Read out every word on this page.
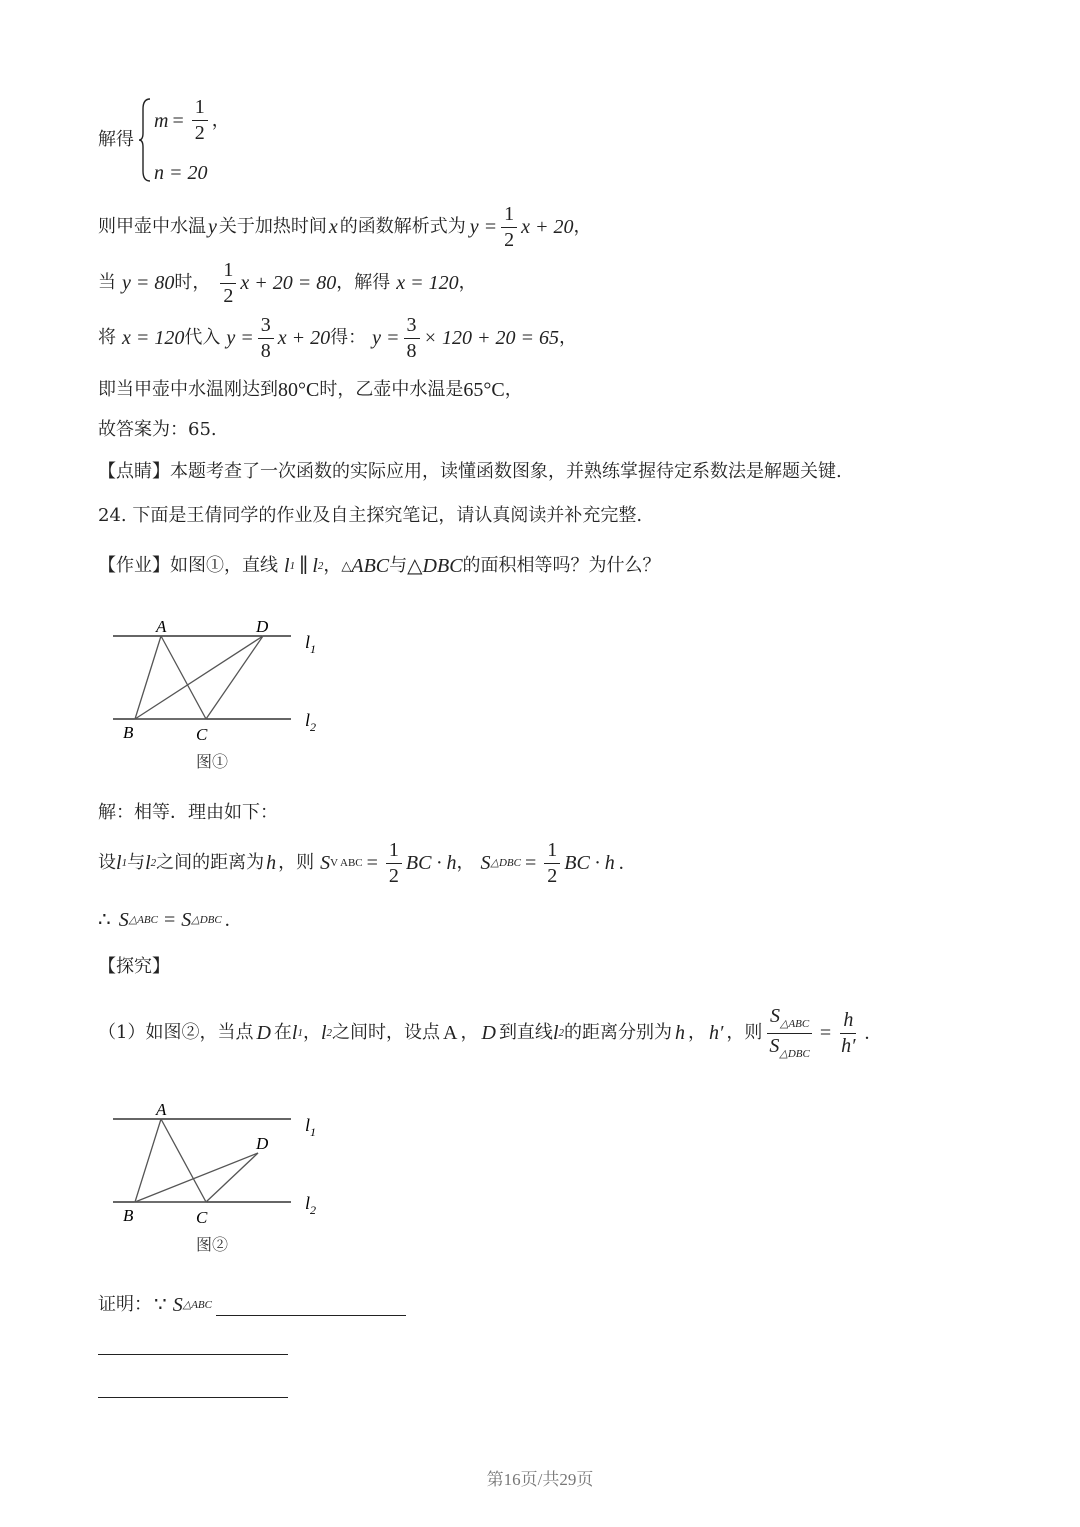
解得
$m = \frac{1}{2}$ ，
n = 20
则甲壶中水温 y 关于加热时间 x 的函数解析式为 $y = \frac{1}{2}$ x + 20 ，
当 y = 80 时， $\frac{1}{2}$ x + 20 = 80 ，解得 x = 120 ，
将 x = 120 代入 $y = \frac{3}{8}$ x + 20 得： $y = \frac{3}{8} \times 120 + 20 = 65$ ，
即当甲壶中水温刚达到 80°C 时，乙壶中水温是 65°C ，
故答案为：65.
【点睛】本题考查了一次函数的实际应用，读懂函数图象，并熟练掌握待定系数法是解题关键.
24. 下面是王倩同学的作业及自主探究笔记，请认真阅读并补充完整.
【作业】如图①，直线 l 1 ∥ l 2 ， △ ABC 与 △ DBC 的面积相等吗？为什么？
A	D
B	C
$l_1$
$l_2$
图①
解：相等．理由如下：
设 l 1 与 l 2 之间的距离为 h ，则 S V ABC = $\frac{1}{2}$ BC · h ， S △DBC = $\frac{1}{2}$ BC · h .
∴ S △ABC = S △DBC .
【探究】
（1）如图②，当点 D 在 l 1 ， l 2 之间时，设点 A ， D 到直线 l 2 的距离分别为 h ， h′ ，则 $\frac{S_{\triangle ABC}}{S_{\triangle DBC}} = \frac{h}{h'}$ .
A
D
B	C
$l_1$
$l_2$
图②
证明： ∵ S △ABC
第16页/共29页
